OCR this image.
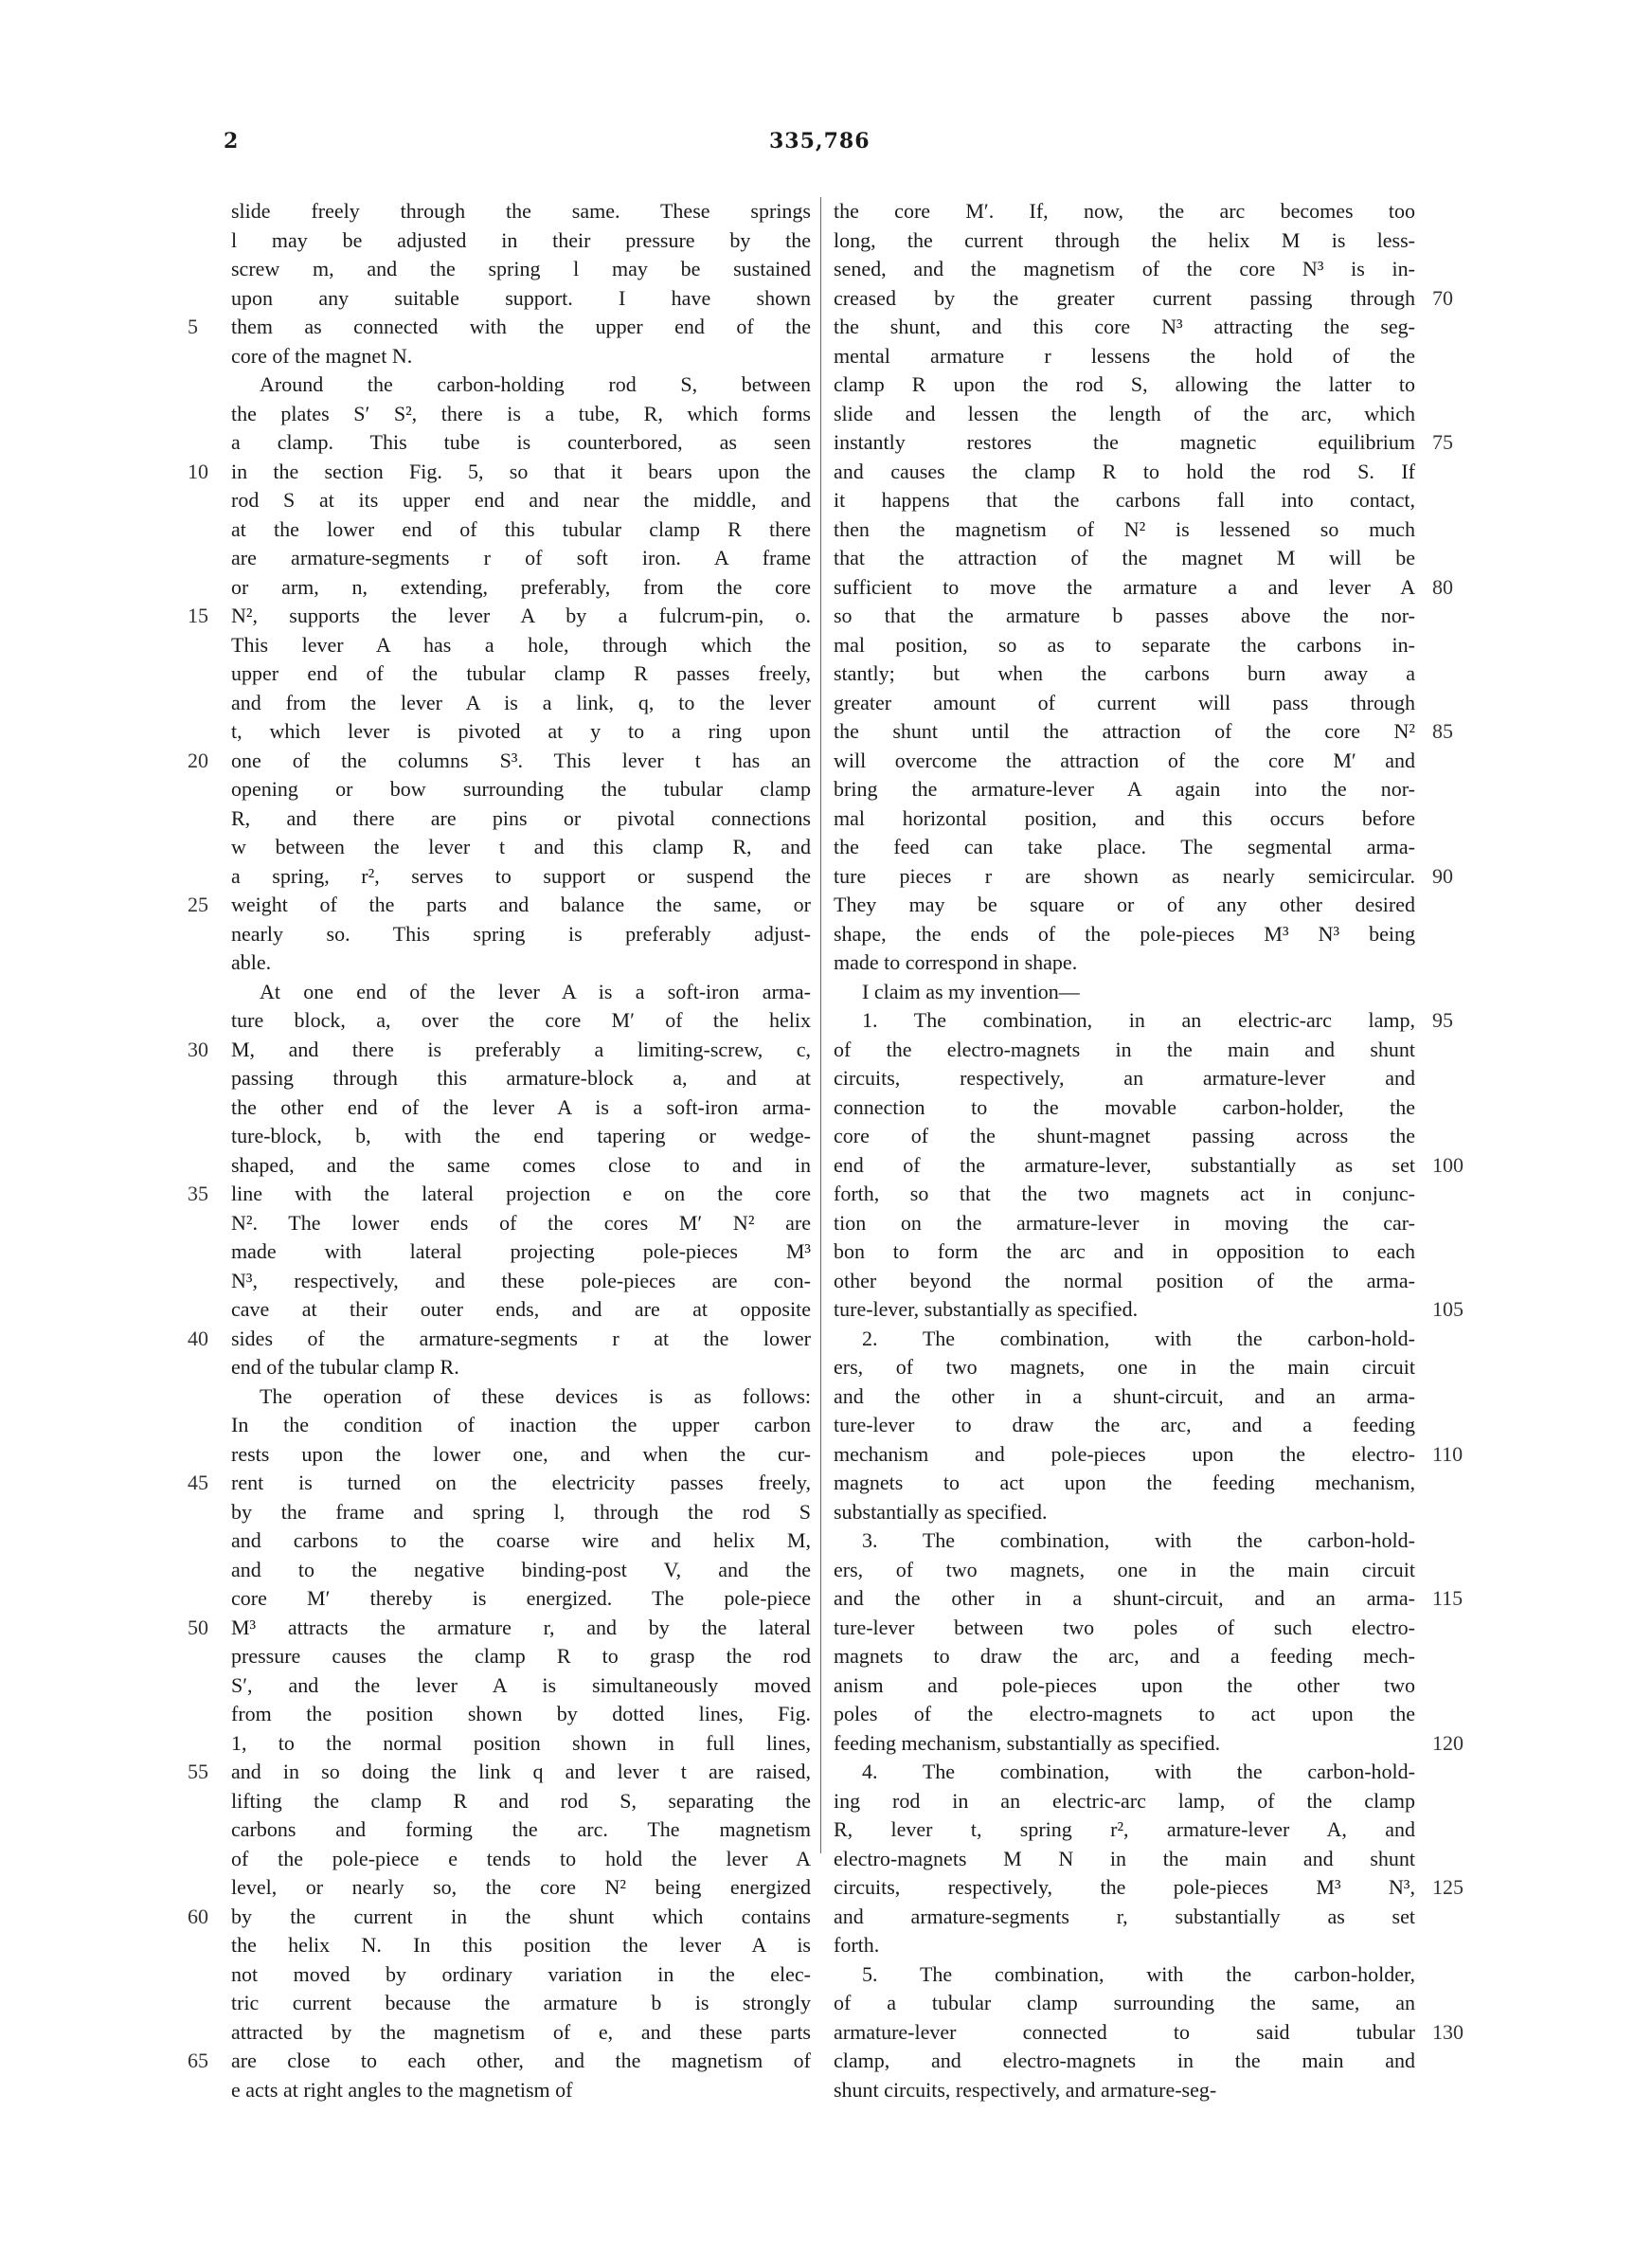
2	335,786
5
10
15
20
25
30
35
40
45
50
55
60
65
70
75
80
85
90
95
100
105
110
115
120
125
130
slide freely through the same. These springs
l may be adjusted in their pressure by the
screw m, and the spring l may be sustained
upon any suitable support. I have shown
them as connected with the upper end of the
core of the magnet N.
Around the carbon-holding rod S, between
the plates S′ S², there is a tube, R, which forms
a clamp. This tube is counterbored, as seen
in the section Fig. 5, so that it bears upon the
rod S at its upper end and near the middle, and
at the lower end of this tubular clamp R there
are armature-segments r of soft iron. A frame
or arm, n, extending, preferably, from the core
N², supports the lever A by a fulcrum-pin, o.
This lever A has a hole, through which the
upper end of the tubular clamp R passes freely,
and from the lever A is a link, q, to the lever
t, which lever is pivoted at y to a ring upon
one of the columns S³. This lever t has an
opening or bow surrounding the tubular clamp
R, and there are pins or pivotal connections
w between the lever t and this clamp R, and
a spring, r², serves to support or suspend the
weight of the parts and balance the same, or
nearly so. This spring is preferably adjust-
able.
At one end of the lever A is a soft-iron arma-
ture block, a, over the core M′ of the helix
M, and there is preferably a limiting-screw, c,
passing through this armature-block a, and at
the other end of the lever A is a soft-iron arma-
ture-block, b, with the end tapering or wedge-
shaped, and the same comes close to and in
line with the lateral projection e on the core
N². The lower ends of the cores M′ N² are
made with lateral projecting pole-pieces M³
N³, respectively, and these pole-pieces are con-
cave at their outer ends, and are at opposite
sides of the armature-segments r at the lower
end of the tubular clamp R.
The operation of these devices is as follows:
In the condition of inaction the upper carbon
rests upon the lower one, and when the cur-
rent is turned on the electricity passes freely,
by the frame and spring l, through the rod S
and carbons to the coarse wire and helix M,
and to the negative binding-post V, and the
core M′ thereby is energized. The pole-piece
M³ attracts the armature r, and by the lateral
pressure causes the clamp R to grasp the rod
S′, and the lever A is simultaneously moved
from the position shown by dotted lines, Fig.
1, to the normal position shown in full lines,
and in so doing the link q and lever t are raised,
lifting the clamp R and rod S, separating the
carbons and forming the arc. The magnetism
of the pole-piece e tends to hold the lever A
level, or nearly so, the core N² being energized
by the current in the shunt which contains
the helix N. In this position the lever A is
not moved by ordinary variation in the elec-
tric current because the armature b is strongly
attracted by the magnetism of e, and these parts
are close to each other, and the magnetism of
e acts at right angles to the magnetism of
the core M′. If, now, the arc becomes too
long, the current through the helix M is less-
sened, and the magnetism of the core N³ is in-
creased by the greater current passing through
the shunt, and this core N³ attracting the seg-
mental armature r lessens the hold of the
clamp R upon the rod S, allowing the latter to
slide and lessen the length of the arc, which
instantly restores the magnetic equilibrium
and causes the clamp R to hold the rod S. If
it happens that the carbons fall into contact,
then the magnetism of N² is lessened so much
that the attraction of the magnet M will be
sufficient to move the armature a and lever A
so that the armature b passes above the nor-
mal position, so as to separate the carbons in-
stantly; but when the carbons burn away a
greater amount of current will pass through
the shunt until the attraction of the core N²
will overcome the attraction of the core M′ and
bring the armature-lever A again into the nor-
mal horizontal position, and this occurs before
the feed can take place. The segmental arma-
ture pieces r are shown as nearly semicircular.
They may be square or of any other desired
shape, the ends of the pole-pieces M³ N³ being
made to correspond in shape.
I claim as my invention—
1. The combination, in an electric-arc lamp,
of the electro-magnets in the main and shunt
circuits, respectively, an armature-lever and
connection to the movable carbon-holder, the
core of the shunt-magnet passing across the
end of the armature-lever, substantially as set
forth, so that the two magnets act in conjunc-
tion on the armature-lever in moving the car-
bon to form the arc and in opposition to each
other beyond the normal position of the arma-
ture-lever, substantially as specified.
2. The combination, with the carbon-hold-
ers, of two magnets, one in the main circuit
and the other in a shunt-circuit, and an arma-
ture-lever to draw the arc, and a feeding
mechanism and pole-pieces upon the electro-
magnets to act upon the feeding mechanism,
substantially as specified.
3. The combination, with the carbon-hold-
ers, of two magnets, one in the main circuit
and the other in a shunt-circuit, and an arma-
ture-lever between two poles of such electro-
magnets to draw the arc, and a feeding mech-
anism and pole-pieces upon the other two
poles of the electro-magnets to act upon the
feeding mechanism, substantially as specified.
4. The combination, with the carbon-hold-
ing rod in an electric-arc lamp, of the clamp
R, lever t, spring r², armature-lever A, and
electro-magnets M N in the main and shunt
circuits, respectively, the pole-pieces M³ N³,
and armature-segments r, substantially as set
forth.
5. The combination, with the carbon-holder,
of a tubular clamp surrounding the same, an
armature-lever connected to said tubular
clamp, and electro-magnets in the main and
shunt circuits, respectively, and armature-seg-
